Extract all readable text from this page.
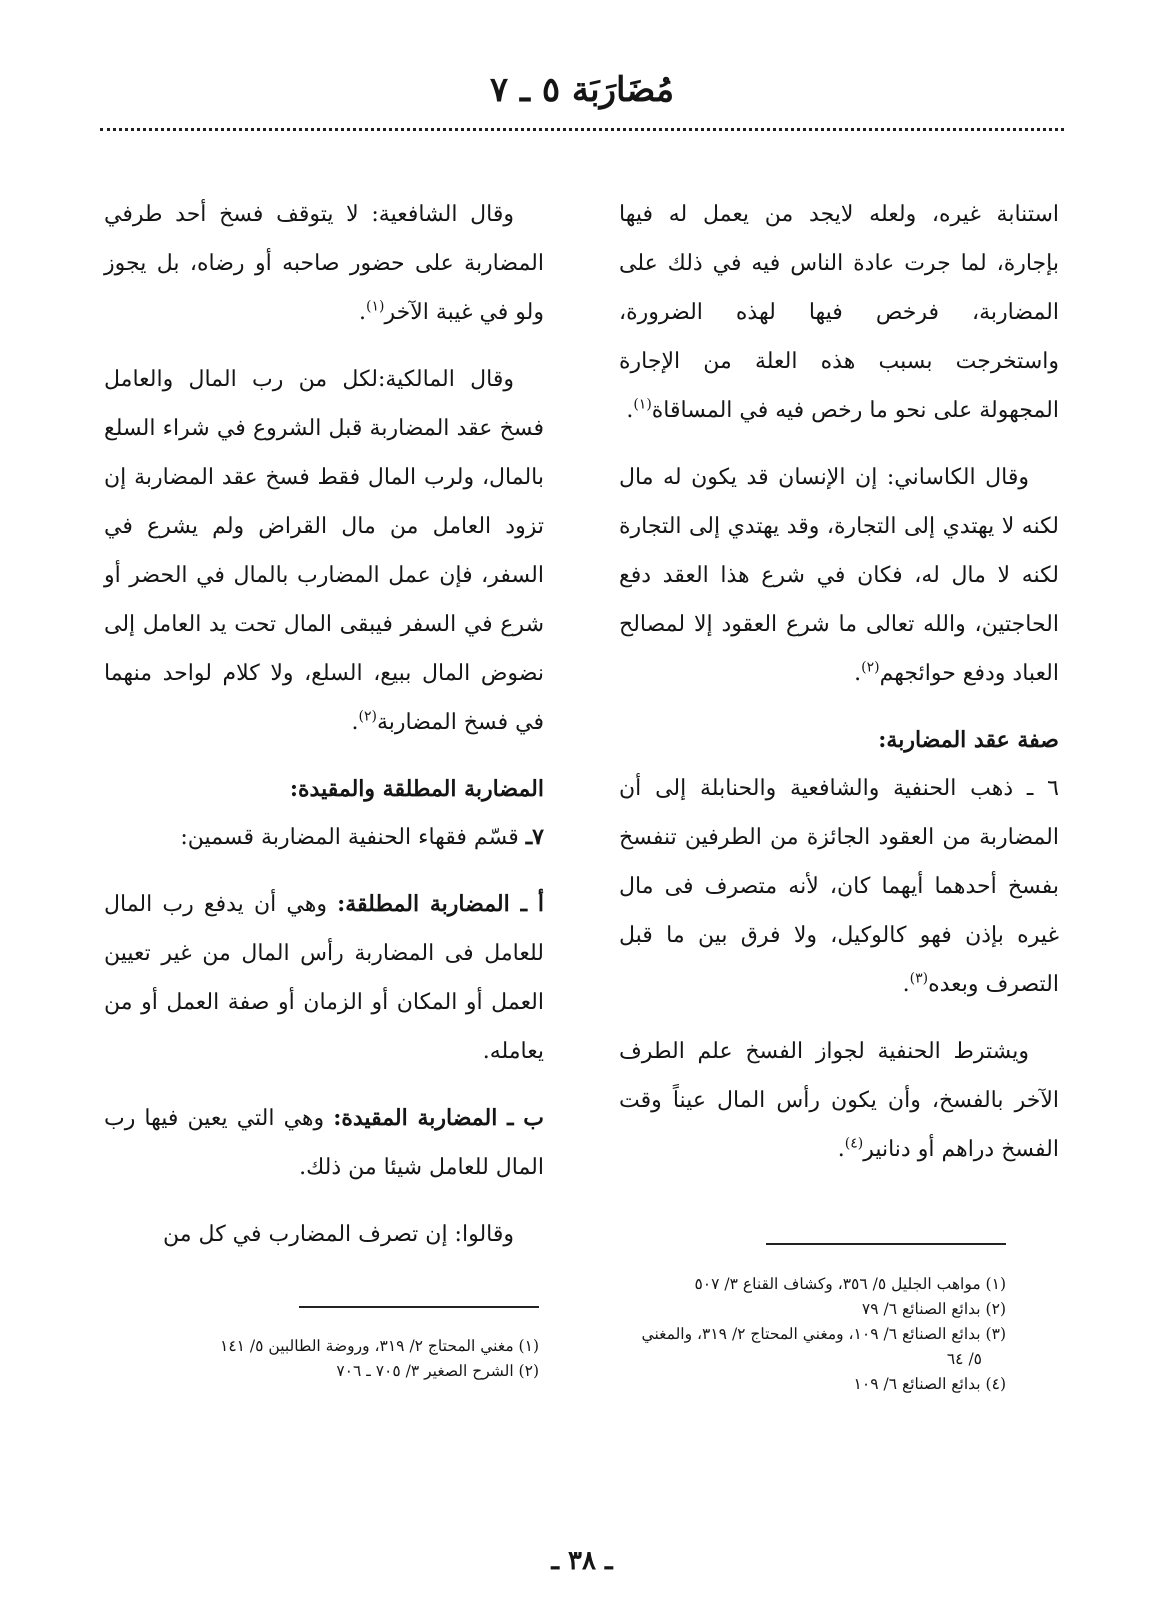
مُضَارَبَة ٥ ـ ٧

استنابة غيره، ولعله لايجد من يعمل له فيها بإجارة، لما جرت عادة الناس فيه في ذلك على المضاربة، فرخص فيها لهذه الضرورة، واستخرجت بسبب هذه العلة من الإجارة المجهولة على نحو ما رخص فيه في المساقاة$^{(١)}$.

وقال الكاساني: إن الإنسان قد يكون له مال لكنه لا يهتدي إلى التجارة، وقد يهتدي إلى التجارة لكنه لا مال له، فكان في شرع هذا العقد دفع الحاجتين، والله تعالى ما شرع العقود إلا لمصالح العباد ودفع حوائجهم$^{(٢)}$.

صفة عقد المضاربة:

٦ ـ ذهب الحنفية والشافعية والحنابلة إلى أن المضاربة من العقود الجائزة من الطرفين تنفسخ بفسخ أحدهما أيهما كان، لأنه متصرف فى مال غيره بإذن فهو كالوكيل، ولا فرق بين ما قبل التصرف وبعده$^{(٣)}$.

ويشترط الحنفية لجواز الفسخ علم الطرف الآخر بالفسخ، وأن يكون رأس المال عيناً وقت الفسخ دراهم أو دنانير$^{(٤)}$.

وقال الشافعية: لا يتوقف فسخ أحد طرفي المضاربة على حضور صاحبه أو رضاه، بل يجوز ولو في غيبة الآخر$^{(١)}$.

وقال المالكية:لكل من رب المال والعامل فسخ عقد المضاربة قبل الشروع في شراء السلع بالمال، ولرب المال فقط فسخ عقد المضاربة إن تزود العامل من مال القراض ولم يشرع في السفر، فإن عمل المضارب بالمال في الحضر أو شرع في السفر فيبقى المال تحت يد العامل إلى نضوض المال ببيع، السلع، ولا كلام لواحد منهما في فسخ المضاربة$^{(٢)}$.

المضاربة المطلقة والمقيدة:

٧ـ قسّم فقهاء الحنفية المضاربة قسمين:

أ ـ المضاربة المطلقة: وهي أن يدفع رب المال للعامل فى المضاربة رأس المال من غير تعيين العمل أو المكان أو الزمان أو صفة العمل أو من يعامله.

ب ـ المضاربة المقيدة: وهي التي يعين فيها رب المال للعامل شيئا من ذلك.

وقالوا: إن تصرف المضارب في كل من

(١) مواهب الجليل ٥/ ٣٥٦، وكشاف القناع ٣/ ٥٠٧
(٢) بدائع الصنائع ٦/ ٧٩
(٣) بدائع الصنائع ٦/ ١٠٩، ومغني المحتاج ٢/ ٣١٩، والمغني
٥/ ٦٤
(٤) بدائع الصنائع ٦/ ١٠٩
(١) مغني المحتاج ٢/ ٣١٩، وروضة الطالبين ٥/ ١٤١
(٢) الشرح الصغير ٣/ ٧٠٥ ـ ٧٠٦
ـ ٣٨ ـ
